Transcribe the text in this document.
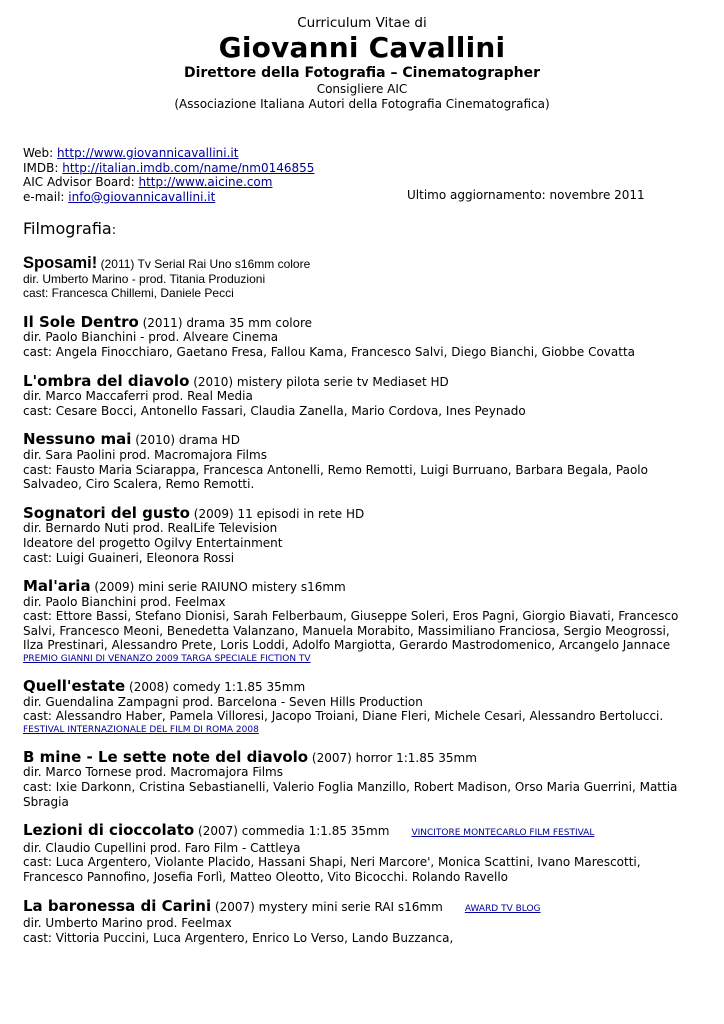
Curriculum Vitae di
Giovanni Cavallini
Direttore della Fotografia – Cinematographer
Consigliere AIC
(Associazione Italiana Autori della Fotografia Cinematografica)
Web: http://www.giovannicavallini.it
IMDB: http://italian.imdb.com/name/nm0146855
AIC Advisor Board: http://www.aicine.com
e-mail: info@giovannicavallini.it	Ultimo aggiornamento: novembre 2011
Filmografia:
Sposami! (2011) Tv Serial Rai Uno s16mm colore
dir. Umberto Marino - prod. Titania Produzioni
cast: Francesca Chillemi, Daniele Pecci
Il Sole Dentro (2011) drama 35 mm colore
dir. Paolo Bianchini - prod. Alveare Cinema
cast: Angela Finocchiaro, Gaetano Fresa, Fallou Kama, Francesco Salvi, Diego Bianchi, Giobbe Covatta
L'ombra del diavolo (2010) mistery pilota serie tv Mediaset HD
dir. Marco Maccaferri prod. Real Media
cast: Cesare Bocci, Antonello Fassari, Claudia Zanella, Mario Cordova, Ines Peynado
Nessuno mai (2010) drama HD
dir. Sara Paolini prod. Macromajora Films
cast: Fausto Maria Sciarappa, Francesca Antonelli, Remo Remotti, Luigi Burruano, Barbara Begala, Paolo Salvadeo, Ciro Scalera, Remo Remotti.
Sognatori del gusto (2009) 11 episodi in rete HD
dir. Bernardo Nuti prod. RealLife Television
Ideatore del progetto Ogilvy Entertainment
cast: Luigi Guaineri, Eleonora Rossi
Mal'aria (2009) mini serie RAIUNO mistery s16mm
dir. Paolo Bianchini prod. Feelmax
cast: Ettore Bassi, Stefano Dionisi, Sarah Felberbaum, Giuseppe Soleri, Eros Pagni, Giorgio Biavati, Francesco Salvi, Francesco Meoni, Benedetta Valanzano, Manuela Morabito, Massimiliano Franciosa, Sergio Meogrossi, Ilza Prestinari, Alessandro Prete, Loris Loddi, Adolfo Margiotta, Gerardo Mastrodomenico, Arcangelo Jannace
PREMIO GIANNI DI VENANZO 2009 TARGA SPECIALE FICTION TV
Quell'estate (2008) comedy 1:1.85 35mm
dir. Guendalina Zampagni prod. Barcelona - Seven Hills Production
cast: Alessandro Haber, Pamela Villoresi, Jacopo Troiani, Diane Fleri, Michele Cesari, Alessandro Bertolucci.
FESTIVAL INTERNAZIONALE DEL FILM DI ROMA 2008
B mine - Le sette note del diavolo (2007) horror 1:1.85 35mm
dir. Marco Tornese prod. Macromajora Films
cast: Ixie Darkonn, Cristina Sebastianelli, Valerio Foglia Manzillo, Robert Madison, Orso Maria Guerrini, Mattia Sbragia
Lezioni di cioccolato (2007) commedia 1:1.85 35mm VINCITORE MONTECARLO FILM FESTIVAL
dir. Claudio Cupellini prod. Faro Film - Cattleya
cast: Luca Argentero, Violante Placido, Hassani Shapi, Neri Marcore', Monica Scattini, Ivano Marescotti, Francesco Pannofino, Josefia Forlì, Matteo Oleotto, Vito Bicocchi. Rolando Ravello
La baronessa di Carini (2007) mystery mini serie RAI s16mm AWARD TV BLOG
dir. Umberto Marino prod. Feelmax
cast: Vittoria Puccini, Luca Argentero, Enrico Lo Verso, Lando Buzzanca,
